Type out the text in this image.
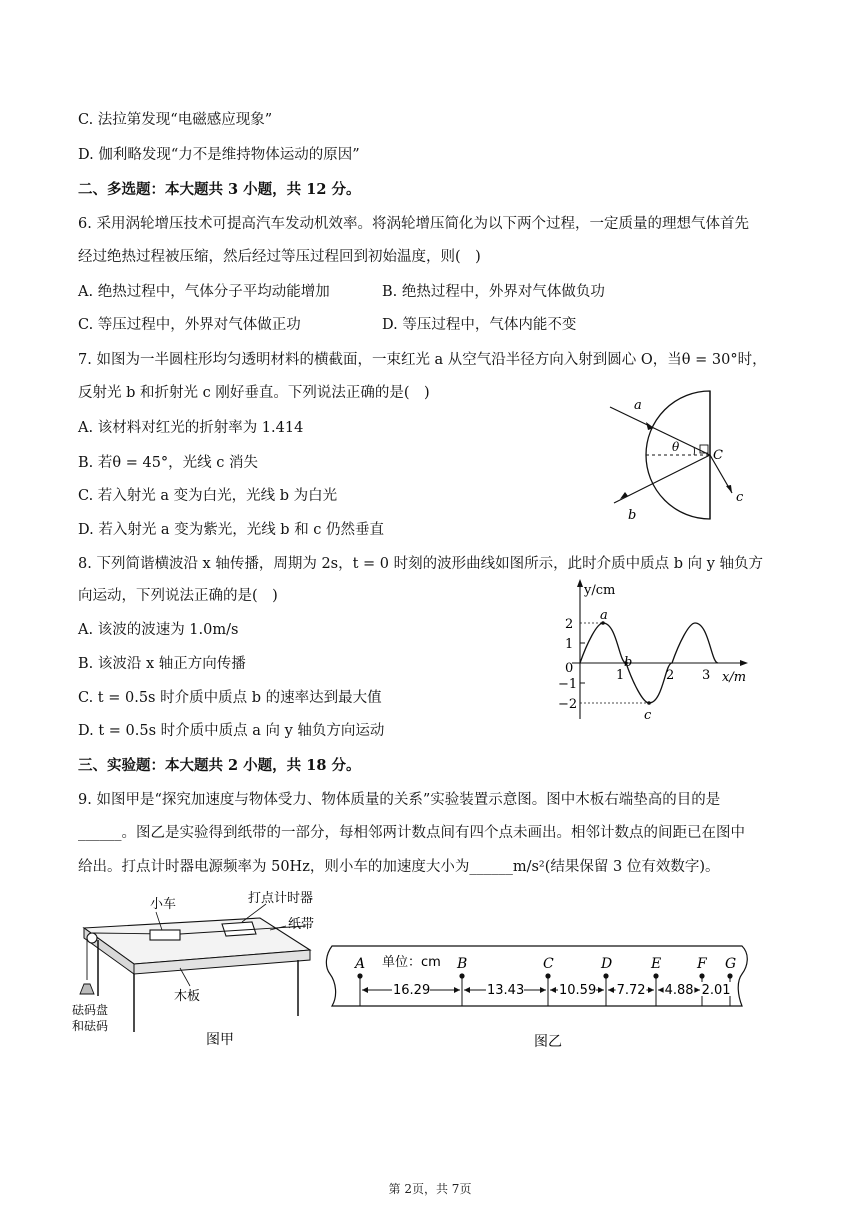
C. 法拉第发现“电磁感应现象”
D. 伽利略发现“力不是维持物体运动的原因”
二、多选题：本大题共 3 小题，共 12 分。
6. 采用涡轮增压技术可提高汽车发动机效率。将涡轮增压简化为以下两个过程，一定质量的理想气体首先
经过绝热过程被压缩，然后经过等压过程回到初始温度，则(　)
A. 绝热过程中，气体分子平均动能增加	B. 绝热过程中，外界对气体做负功
C. 等压过程中，外界对气体做正功	D. 等压过程中，气体内能不变
7. 如图为一半圆柱形均匀透明材料的横截面，一束红光 a 从空气沿半径方向入射到圆心 O，当θ = 30°时，
反射光 b 和折射光 c 刚好垂直。下列说法正确的是(　)
A. 该材料对红光的折射率为 1.414
B. 若θ = 45°，光线 c 消失
C. 若入射光 a 变为白光，光线 b 为白光
D. 若入射光 a 变为紫光，光线 b 和 c 仍然垂直
8. 下列简谐横波沿 x 轴传播，周期为 2s，t = 0 时刻的波形曲线如图所示，此时介质中质点 b 向 y 轴负方
向运动，下列说法正确的是(　)
A. 该波的波速为 1.0m/s
B. 该波沿 x 轴正方向传播
C. t = 0.5s 时介质中质点 b 的速率达到最大值
D. t = 0.5s 时介质中质点 a 向 y 轴负方向运动
三、实验题：本大题共 2 小题，共 18 分。
9. 如图甲是“探究加速度与物体受力、物体质量的关系”实验装置示意图。图中木板右端垫高的目的是
______。图乙是实验得到纸带的一部分，每相邻两计数点间有四个点未画出。相邻计数点的间距已在图中
给出。打点计时器电源频率为 50Hz，则小车的加速度大小为______m/s²(结果保留 3 位有效数字)。
a
b
c
C
θ
y/cm
x/m
2
1
0
−1
−2
1	2 3
a
b
c
小车	打点计时器
纸带
木板
砝码盘
和砝码
图甲
单位：cm
A	B	C	D	E	F G
16.29	13.43	10.59 7.72 4.88 2.01
图乙
第 2页，共 7页
